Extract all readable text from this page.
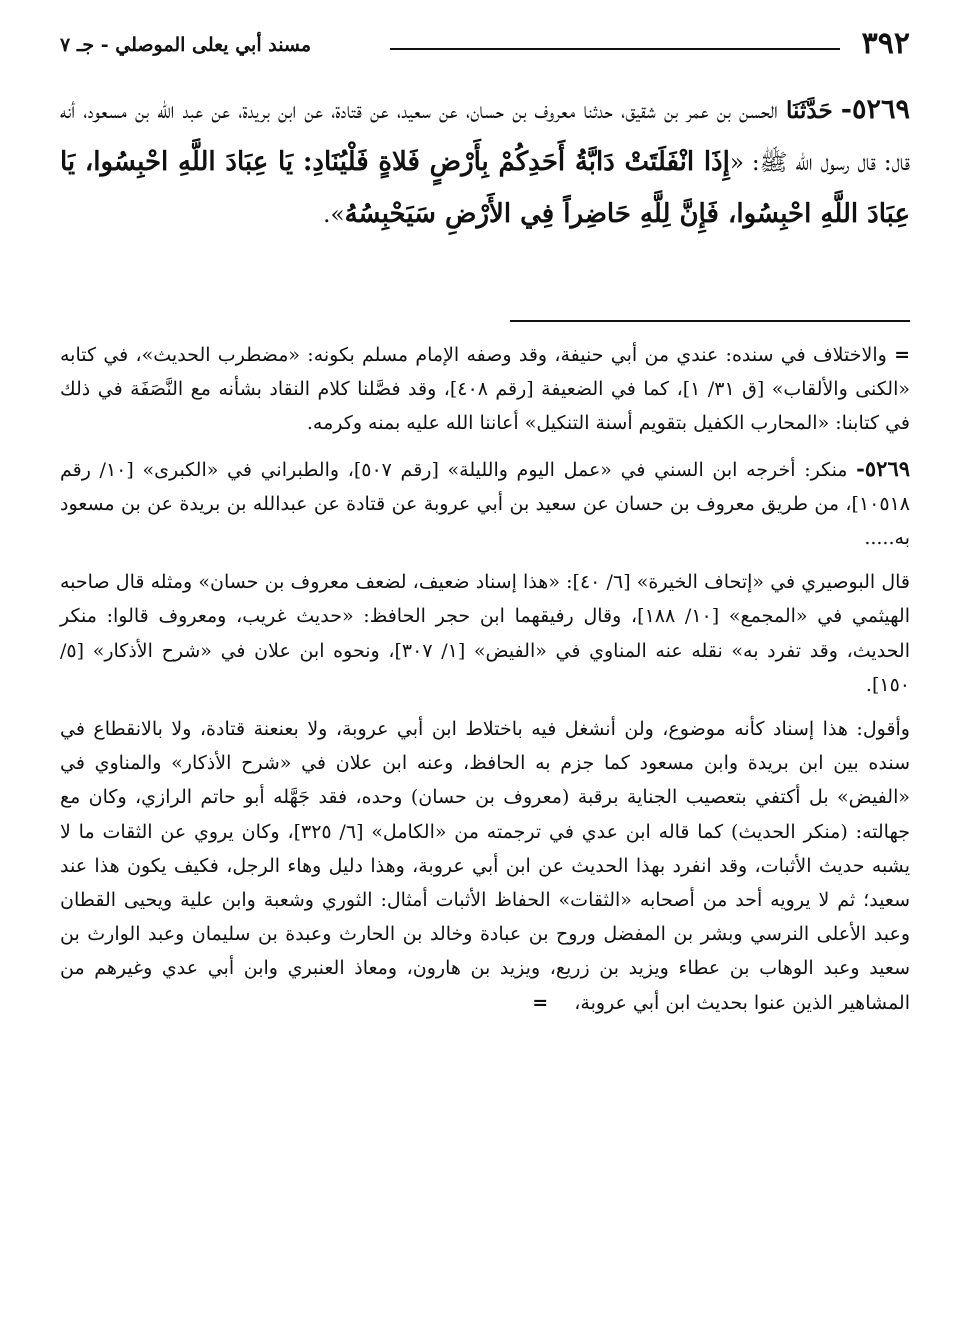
٣٩٢
مسند أبي يعلى الموصلي - جـ ٧

٥٢٦٩- حَدَّثَنَا الحسن بن عمر بن شقيق، حدثنا معروف بن حسان، عن سعيد، عن قتادة، عن ابن بريدة، عن عبد الله بن مسعود، أنه قال: قال رسول الله ﷺ: «إِذَا انْفَلَتَتْ دَابَّةُ أَحَدِكُمْ بِأَرْضٍ فَلاةٍ فَلْيُنَادِ: يَا عِبَادَ اللَّهِ احْبِسُوا، يَا عِبَادَ اللَّهِ احْبِسُوا، فَإِنَّ لِلَّهِ حَاضِراً فِي الأَرْضِ سَيَحْبِسُهُ».

= والاختلاف في سنده: عندي من أبي حنيفة، وقد وصفه الإمام مسلم بكونه: «مضطرب الحديث»، في كتابه «الكنى والألقاب» [ق ٣١/ ١]، كما في الضعيفة [رقم ٤٠٨]، وقد فصَّلنا كلام النقاد بشأنه مع النَّصَفَة في ذلك في كتابنا: «المحارب الكفيل بتقويم أسنة التنكيل» أعاننا الله عليه بمنه وكرمه.

٥٢٦٩- منكر: أخرجه ابن السني في «عمل اليوم والليلة» [رقم ٥٠٧]، والطبراني في «الكبرى» [١٠/ رقم ١٠٥١٨]، من طريق معروف بن حسان عن سعيد بن أبي عروبة عن قتادة عن عبدالله بن بريدة عن بن مسعود به.....

قال البوصيري في «إتحاف الخيرة» [٦/ ٤٠]: «هذا إسناد ضعيف، لضعف معروف بن حسان» ومثله قال صاحبه الهيثمي في «المجمع» [١٠/ ١٨٨]، وقال رفيقهما ابن حجر الحافظ: «حديث غريب، ومعروف قالوا: منكر الحديث، وقد تفرد به» نقله عنه المناوي في «الفيض» [١/ ٣٠٧]، ونحوه ابن علان في «شرح الأذكار» [٥/ ١٥٠].

وأقول: هذا إسناد كأنه موضوع، ولن أنشغل فيه باختلاط ابن أبي عروبة، ولا بعنعنة قتادة، ولا بالانقطاع في سنده بين ابن بريدة وابن مسعود كما جزم به الحافظ، وعنه ابن علان في «شرح الأذكار» والمناوي في «الفيض» بل أكتفي بتعصيب الجناية برقبة (معروف بن حسان) وحده، فقد جَهَّله أبو حاتم الرازي، وكان مع جهالته: (منكر الحديث) كما قاله ابن عدي في ترجمته من «الكامل» [٦/ ٣٢٥]، وكان يروي عن الثقات ما لا يشبه حديث الأثبات، وقد انفرد بهذا الحديث عن ابن أبي عروبة، وهذا دليل وهاء الرجل، فكيف يكون هذا عند سعيد؛ ثم لا يرويه أحد من أصحابه «الثقات» الحفاظ الأثبات أمثال: الثوري وشعبة وابن علية ويحيى القطان وعبد الأعلى النرسي وبشر بن المفضل وروح بن عبادة وخالد بن الحارث وعبدة بن سليمان وعبد الوارث بن سعيد وعبد الوهاب بن عطاء ويزيد بن زريع، ويزيد بن هارون، ومعاذ العنبري وابن أبي عدي وغيرهم من المشاهير الذين عنوا بحديث ابن أبي عروبة، =
